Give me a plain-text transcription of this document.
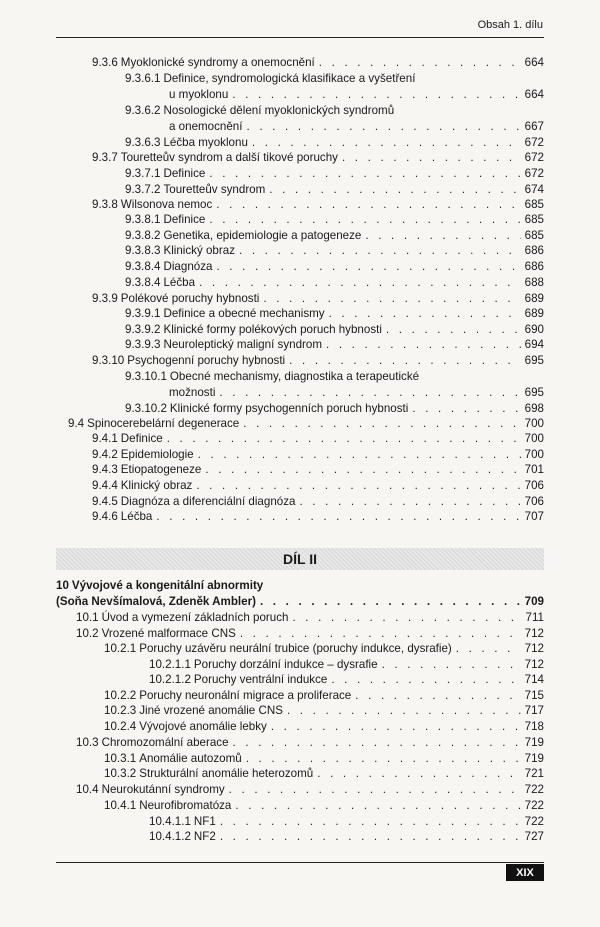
Obsah 1. dílu
9.3.6 Myoklonické syndromy a onemocnění . . .	664
9.3.6.1 Definice, syndromologická klasifikace a vyšetření
u myoklonu . . .	664
9.3.6.2 Nosologické dělení myoklonických syndromů
a onemocnění . . .	667
9.3.6.3 Léčba myoklonu . . .	672
9.3.7 Tourettеův syndrom a další tikové poruchy . . .	672
9.3.7.1 Definice . . .	672
9.3.7.2 Tourettеův syndrom . . .	674
9.3.8 Wilsonova nemoc . . .	685
9.3.8.1 Definice . . .	685
9.3.8.2 Genetika, epidemiologie a patogeneze . . .	685
9.3.8.3 Klinický obraz . . .	686
9.3.8.4 Diagnóza . . .	686
9.3.8.4 Léčba . . .	688
9.3.9 Polékové poruchy hybnosti . . .	689
9.3.9.1 Definice a obecné mechanismy . . .	689
9.3.9.2 Klinické formy polékových poruch hybnosti . . .	690
9.3.9.3 Neuroleptický maligní syndrom . . .	694
9.3.10 Psychogenní poruchy hybnosti . . .	695
9.3.10.1 Obecné mechanismy, diagnostika a terapeutické
možnosti . . .	695
9.3.10.2 Klinické formy psychogenních poruch hybnosti . . .	698
9.4 Spinocerebelární degenerace . . .	700
9.4.1 Definice . . .	700
9.4.2 Epidemiologie . . .	700
9.4.3 Etiopatogeneze . . .	701
9.4.4 Klinický obraz . . .	706
9.4.5 Diagnóza a diferenciální diagnóza . . .	706
9.4.6 Léčba . . .	707
10 Vývojové a kongenitální abnormity
(Soňa Nevšímalová, Zdeněk Ambler) . . .	709
10.1 Úvod a vymezení základních poruch . . .	711
10.2 Vrozené malformace CNS . . .	712
10.2.1 Poruchy uzávěru neurální trubice (poruchy indukce, dysrafie) . . .	712
10.2.1.1 Poruchy dorzální indukce – dysrafie . . .	712
10.2.1.2 Poruchy ventrální indukce . . .	714
10.2.2 Poruchy neuronální migrace a proliferace . . .	715
10.2.3 Jiné vrozené anomálie CNS . . .	717
10.2.4 Vývojové anomálie lebky . . .	718
10.3 Chromozomální aberace . . .	719
10.3.1 Anomálie autozomů . . .	719
10.3.2 Strukturální anomálie heterozomů . . .	721
10.4 Neurokutánní syndromy . . .	722
10.4.1 Neurofibromatóza . . .	722
10.4.1.1 NF1 . . .	722
10.4.1.2 NF2 . . .	727
DÍL II
XIX
